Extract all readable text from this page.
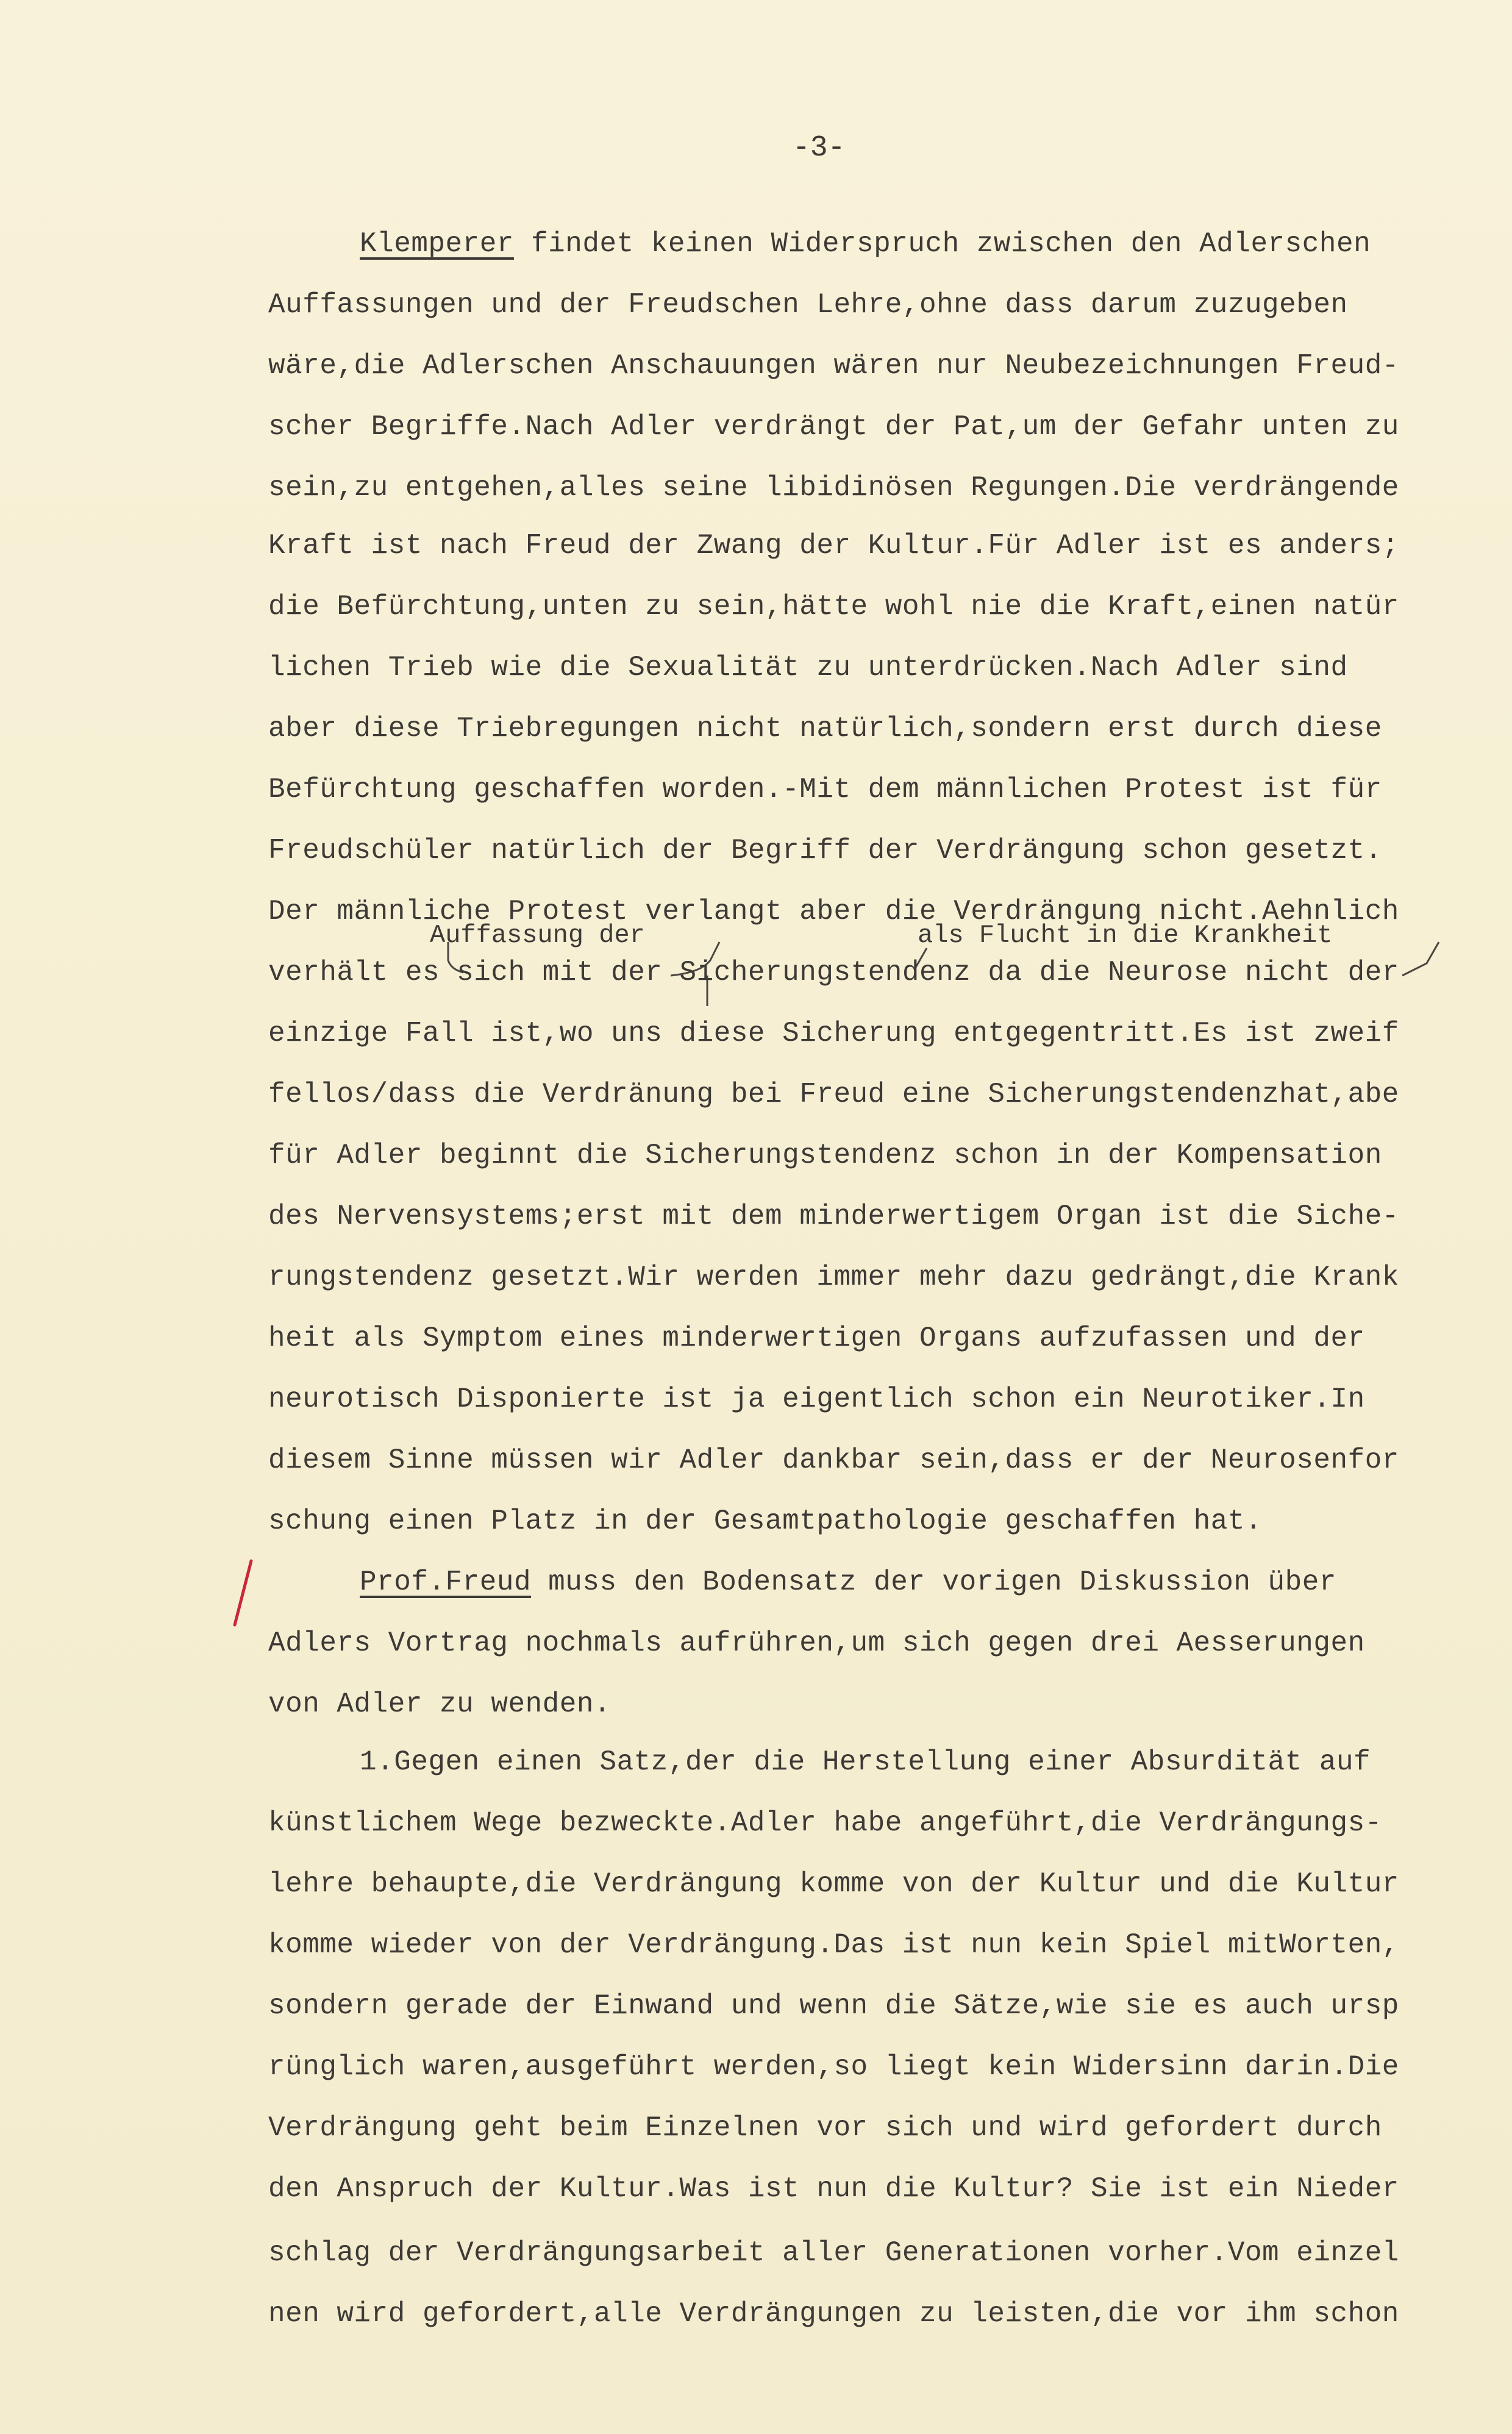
-3-
Auffassung der	als Flucht in die Krankheit
Klemperer findet keinen Widerspruch zwischen den Adlerschen
Auffassungen und der Freudschen Lehre,ohne dass darum zuzugeben
wäre,die Adlerschen Anschauungen wären nur Neubezeichnungen Freud-
scher Begriffe.Nach Adler verdrängt der Pat,um der Gefahr unten zu
sein,zu entgehen,alles seine libidinösen Regungen.Die verdrängende
Kraft ist nach Freud der Zwang der Kultur.Für Adler ist es anders;
die Befürchtung,unten zu sein,hätte wohl nie die Kraft,einen natür
lichen Trieb wie die Sexualität zu unterdrücken.Nach Adler sind
aber diese Triebregungen nicht natürlich,sondern erst durch diese
Befürchtung geschaffen worden.-Mit dem männlichen Protest ist für
Freudschüler natürlich der Begriff der Verdrängung schon gesetzt.
Der männliche Protest verlangt aber die Verdrängung nicht.Aehnlich
verhält es sich mit der Sicherungstendenz da die Neurose nicht der
einzige Fall ist,wo uns diese Sicherung entgegentritt.Es ist zweif
fellos/dass die Verdränung bei Freud eine Sicherungstendenzhat,abe
für Adler beginnt die Sicherungstendenz schon in der Kompensation
des Nervensystems;erst mit dem minderwertigem Organ ist die Siche-
rungstendenz gesetzt.Wir werden immer mehr dazu gedrängt,die Krank
heit als Symptom eines minderwertigen Organs aufzufassen und der
neurotisch Disponierte ist ja eigentlich schon ein Neurotiker.In
diesem Sinne müssen wir Adler dankbar sein,dass er der Neurosenfor
schung einen Platz in der Gesamtpathologie geschaffen hat.
Prof.Freud muss den Bodensatz der vorigen Diskussion über
Adlers Vortrag nochmals aufrühren,um sich gegen drei Aesserungen
von Adler zu wenden.
1.Gegen einen Satz,der die Herstellung einer Absurdität auf
künstlichem Wege bezweckte.Adler habe angeführt,die Verdrängungs-
lehre behaupte,die Verdrängung komme von der Kultur und die Kultur
komme wieder von der Verdrängung.Das ist nun kein Spiel mitWorten,
sondern gerade der Einwand und wenn die Sätze,wie sie es auch ursp
rünglich waren,ausgeführt werden,so liegt kein Widersinn darin.Die
Verdrängung geht beim Einzelnen vor sich und wird gefordert durch
den Anspruch der Kultur.Was ist nun die Kultur? Sie ist ein Nieder
schlag der Verdrängungsarbeit aller Generationen vorher.Vom einzel
nen wird gefordert,alle Verdrängungen zu leisten,die vor ihm schon
